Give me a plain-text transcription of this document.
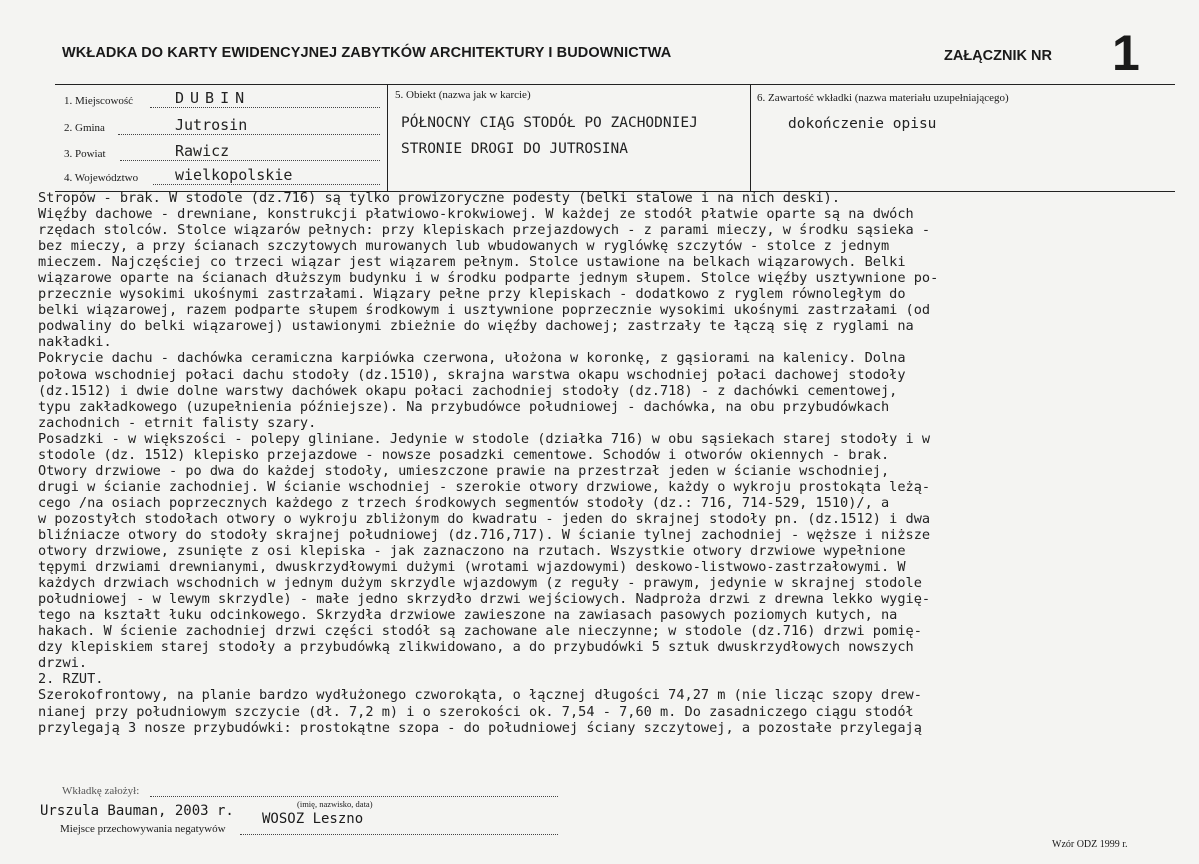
WKŁADKA DO KARTY EWIDENCYJNEJ ZABYTKÓW ARCHITEKTURY I BUDOWNICTWA	ZAŁĄCZNIK NR 1
1. Miejscowość	DUBIN
2. Gmina	Jutrosin
3. Powiat	Rawicz
4. Województwo wielkopolskie
5. Obiekt (nazwa jak w karcie)
PÓŁNOCNY CIĄG STODÓŁ PO ZACHODNIEJ
STRONIE DROGI DO JUTROSINA
6. Zawartość wkładki (nazwa materiału uzupełniającego)
dokończenie opisu
Stropów - brak. W stodole (dz.716) są tylko prowizoryczne podesty (belki stalowe i na nich deski).
Więźby dachowe - drewniane, konstrukcji płatwiowo-krokwiowej. W każdej ze stodół płatwie oparte są na dwóch
rzędach stolców. Stolce wiązarów pełnych: przy klepiskach przejazdowych - z parami mieczy, w środku sąsieka -
bez mieczy, a przy ścianach szczytowych murowanych lub wbudowanych w ryglówkę szczytów - stolce z jednym
mieczem. Najczęściej co trzeci wiązar jest wiązarem pełnym. Stolce ustawione na belkach wiązarowych. Belki
wiązarowe oparte na ścianach dłuższym budynku i w środku podparte jednym słupem. Stolce więźby usztywnione po-
przecznie wysokimi ukośnymi zastrzałami. Wiązary pełne przy klepiskach - dodatkowo z ryglem równoległym do
belki wiązarowej, razem podparte słupem środkowym i usztywnione poprzecznie wysokimi ukośnymi zastrzałami (od
podwaliny do belki wiązarowej) ustawionymi zbieżnie do więźby dachowej; zastrzały te łączą się z ryglami na
nakładki.
Pokrycie dachu - dachówka ceramiczna karpiówka czerwona, ułożona w koronkę, z gąsiorami na kalenicy. Dolna
połowa wschodniej połaci dachu stodoły (dz.1510), skrajna warstwa okapu wschodniej połaci dachowej stodoły
(dz.1512) i dwie dolne warstwy dachówek okapu połaci zachodniej stodoły (dz.718) - z dachówki cementowej,
typu zakładkowego (uzupełnienia późniejsze). Na przybudówce południowej - dachówka, na obu przybudówkach
zachodnich - etrnit falisty szary.
Posadzki - w większości - polepy gliniane. Jedynie w stodole (działka 716) w obu sąsiekach starej stodoły i w
stodole (dz. 1512) klepisko przejazdowe - nowsze posadzki cementowe. Schodów i otworów okiennych - brak.
Otwory drzwiowe - po dwa do każdej stodoły, umieszczone prawie na przestrzał jeden w ścianie wschodniej,
drugi w ścianie zachodniej. W ścianie wschodniej - szerokie otwory drzwiowe, każdy o wykroju prostokąta leżą-
cego /na osiach poprzecznych każdego z trzech środkowych segmentów stodoły (dz.: 716, 714-529, 1510)/, a
w pozostyłch stodołach otwory o wykroju zbliżonym do kwadratu - jeden do skrajnej stodoły pn. (dz.1512) i dwa
bliźniacze otwory do stodoły skrajnej południowej (dz.716,717). W ścianie tylnej zachodniej - węższe i niższe
otwory drzwiowe, zsunięte z osi klepiska - jak zaznaczono na rzutach. Wszystkie otwory drzwiowe wypełnione
tępymi drzwiami drewnianymi, dwuskrzydłowymi dużymi (wrotami wjazdowymi) deskowo-listwowo-zastrzałowymi. W
każdych drzwiach wschodnich w jednym dużym skrzydle wjazdowym (z reguły - prawym, jedynie w skrajnej stodole
południowej - w lewym skrzydle) - małe jedno skrzydło drzwi wejściowych. Nadproża drzwi z drewna lekko wygię-
tego na kształt łuku odcinkowego. Skrzydła drzwiowe zawieszone na zawiasach pasowych poziomych kutych, na
hakach. W ścienie zachodniej drzwi części stodół są zachowane ale nieczynne; w stodole (dz.716) drzwi pomię-
dzy klepiskiem starej stodoły a przybudówką zlikwidowano, a do przybudówki 5 sztuk dwuskrzydłowych nowszych
drzwi.
2. RZUT.
Szerokofrontowy, na planie bardzo wydłużonego czworokąta, o łącznej długości 74,27 m (nie licząc szopy drew-
nianej przy południowym szczycie (dł. 7,2 m) i o szerokości ok. 7,54 - 7,60 m. Do zasadniczego ciągu stodół
przylegają 3 nosze przybudówki: prostokątne szopa - do południowej ściany szczytowej, a pozostałe przylegają
Wkładkę założył:
(imię, nazwisko, data)
Urszula Bauman, 2003 r.
Miejsce przechowywania negatywów
WOSOZ Leszno
Wzór ODZ 1999 r.
